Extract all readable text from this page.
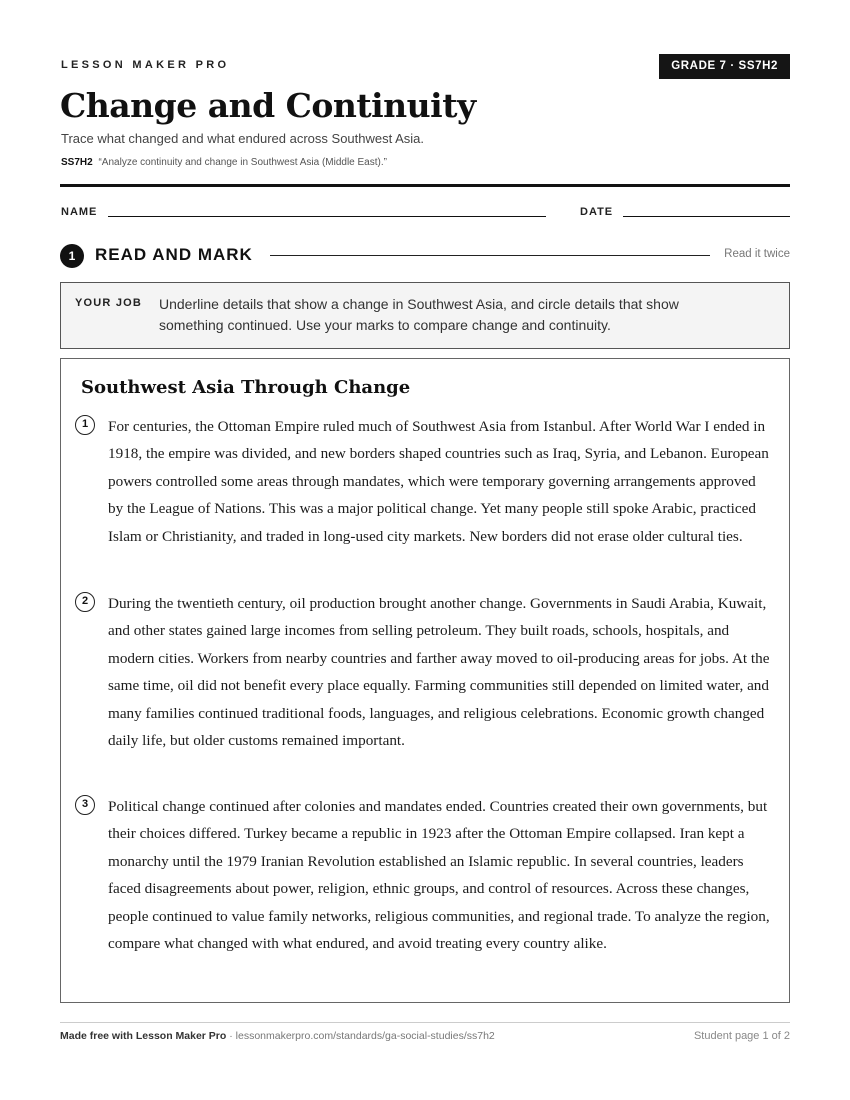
LESSON MAKER PRO	GRADE 7 · SS7H2
Change and Continuity
Trace what changed and what endured across Southwest Asia.
SS7H2 “Analyze continuity and change in Southwest Asia (Middle East).”
NAME	DATE
1	READ AND MARK	Read it twice
YOUR JOB Underline details that show a change in Southwest Asia, and circle details that show something continued. Use your marks to compare change and continuity.
Southwest Asia Through Change
1	For centuries, the Ottoman Empire ruled much of Southwest Asia from Istanbul. After World War I ended in 1918, the empire was divided, and new borders shaped countries such as Iraq, Syria, and Lebanon. European powers controlled some areas through mandates, which were temporary governing arrangements approved by the League of Nations. This was a major political change. Yet many people still spoke Arabic, practiced Islam or Christianity, and traded in long-used city markets. New borders did not erase older cultural ties.

2	During the twentieth century, oil production brought another change. Governments in Saudi Arabia, Kuwait, and other states gained large incomes from selling petroleum. They built roads, schools, hospitals, and modern cities. Workers from nearby countries and farther away moved to oil-producing areas for jobs. At the same time, oil did not benefit every place equally. Farming communities still depended on limited water, and many families continued traditional foods, languages, and religious celebrations. Economic growth changed daily life, but older customs remained important.

3	Political change continued after colonies and mandates ended. Countries created their own governments, but their choices differed. Turkey became a republic in 1923 after the Ottoman Empire collapsed. Iran kept a monarchy until the 1979 Iranian Revolution established an Islamic republic. In several countries, leaders faced disagreements about power, religion, ethnic groups, and control of resources. Across these changes, people continued to value family networks, religious communities, and regional trade. To analyze the region, compare what changed with what endured, and avoid treating every country alike.

Made free with Lesson Maker Pro · lessonmakerpro.com/standards/ga-social-studies/ss7h2	Student page 1 of 2
